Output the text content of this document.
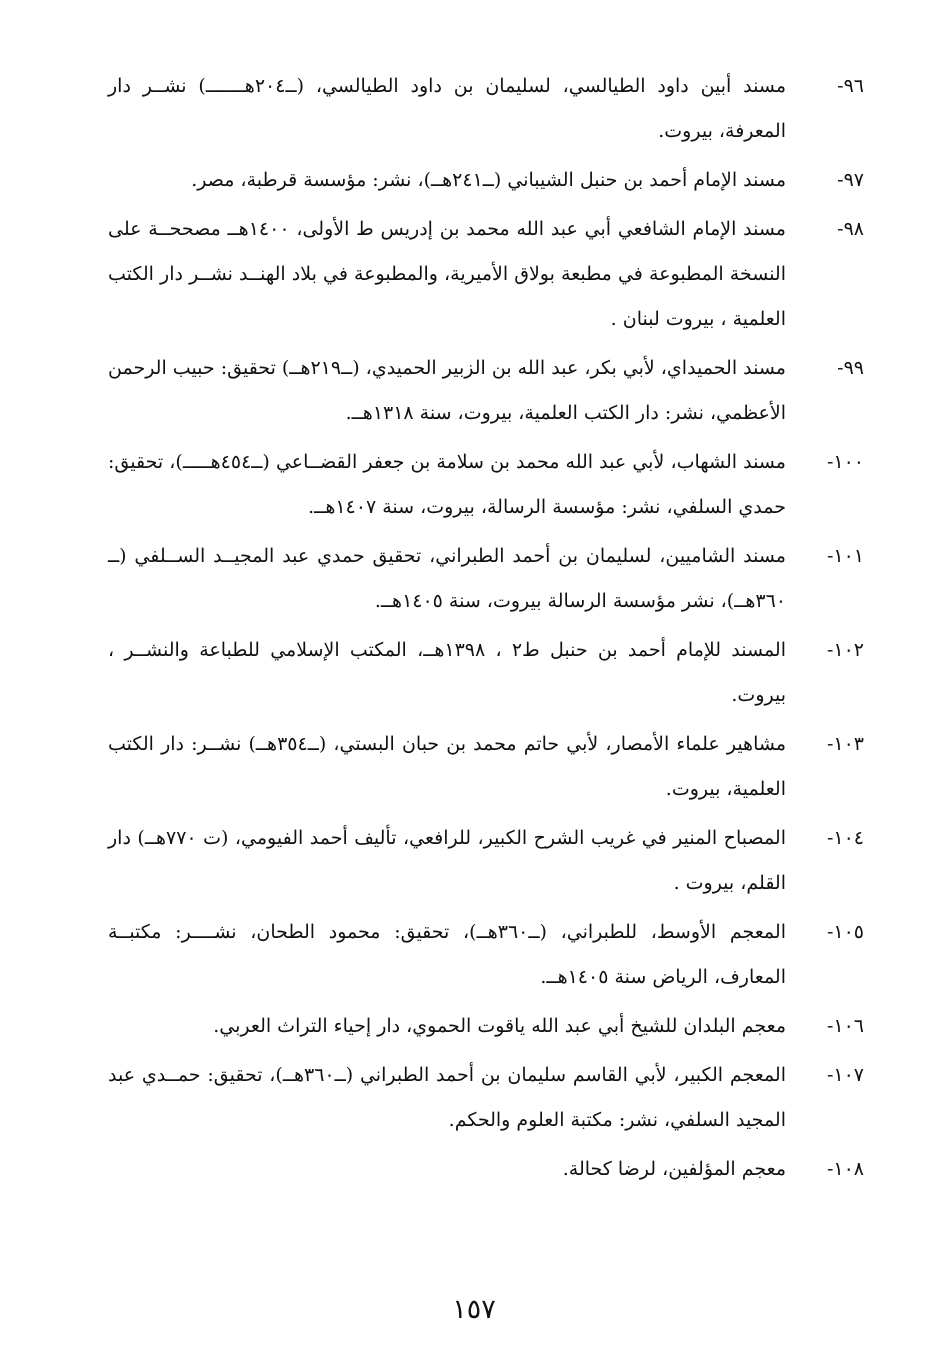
٩٦-
مسند أبين داود الطيالسي، لسليمان بن داود الطيالسي، (ــ٢٠٤هـــــــ) نشــر دار المعرفة، بيروت.
٩٧-
مسند الإمام أحمد بن حنبل الشيباني (ــ٢٤١هــ)، نشر: مؤسسة قرطبة، مصر.
٩٨-
مسند الإمام الشافعي أبي عبد الله محمد بن إدريس ط الأولى، ١٤٠٠هــ مصححــة على النسخة المطبوعة في مطبعة بولاق الأميرية، والمطبوعة في بلاد الهنــد نشــر دار الكتب العلمية ، بيروت لبنان .
٩٩-
مسند الحميداي، لأبي بكر، عبد الله بن الزبير الحميدي، (ــ٢١٩هــ) تحقيق: حبيب الرحمن الأعظمي، نشر: دار الكتب العلمية، بيروت، سنة ١٣١٨هــ.
١٠٠-
مسند الشهاب، لأبي عبد الله محمد بن سلامة بن جعفر القضــاعي (ــ٤٥٤هـــــ)، تحقيق: حمدي السلفي، نشر: مؤسسة الرسالة، بيروت، سنة ١٤٠٧هــ.
١٠١-
مسند الشاميين، لسليمان بن أحمد الطبراني، تحقيق حمدي عبد المجيــد الســلفي (ــ ٣٦٠هــ)، نشر مؤسسة الرسالة بيروت، سنة ١٤٠٥هــ.
١٠٢-
المسند للإمام أحمد بن حنبل ط٢ ، ١٣٩٨هــ، المكتب الإسلامي للطباعة والنشــر ، بيروت.
١٠٣-
مشاهير علماء الأمصار، لأبي حاتم محمد بن حبان البستي، (ــ٣٥٤هــ) نشــر: دار الكتب العلمية، بيروت.
١٠٤-
المصباح المنير في غريب الشرح الكبير، للرافعي، تأليف أحمد الفيومي، (ت ٧٧٠هــ) دار القلم، بيروت .
١٠٥-
المعجم الأوسط، للطبراني، (ــ٣٦٠هــ)، تحقيق: محمود الطحان، نشــــر: مكتبــة المعارف، الرياض سنة ١٤٠٥هــ.
١٠٦-
معجم البلدان للشيخ أبي عبد الله ياقوت الحموي، دار إحياء التراث العربي.
١٠٧-
المعجم الكبير، لأبي القاسم سليمان بن أحمد الطبراني (ــ٣٦٠هــ)، تحقيق: حمــدي عبد المجيد السلفي، نشر: مكتبة العلوم والحكم.
١٠٨-
معجم المؤلفين، لرضا كحالة.
١٥٧
